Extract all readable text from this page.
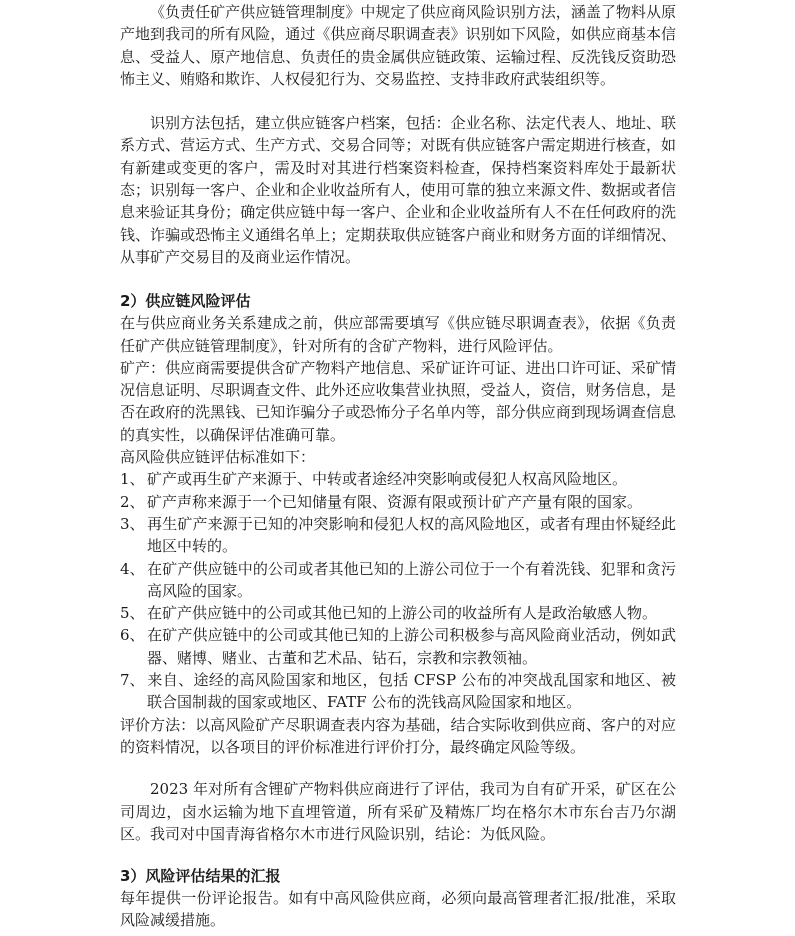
《负责任矿产供应链管理制度》中规定了供应商风险识别方法，涵盖了物料从原产地到我司的所有风险，通过《供应商尽职调查表》识别如下风险，如供应商基本信息、受益人、原产地信息、负责任的贵金属供应链政策、运输过程、反洗钱反资助恐怖主义、贿赂和欺诈、人权侵犯行为、交易监控、支持非政府武装组织等。

识别方法包括，建立供应链客户档案，包括：企业名称、法定代表人、地址、联系方式、营运方式、生产方式、交易合同等；对既有供应链客户需定期进行核查，如有新建或变更的客户，需及时对其进行档案资料检查，保持档案资料库处于最新状态；识别每一客户、企业和企业收益所有人，使用可靠的独立来源文件、数据或者信息来验证其身份；确定供应链中每一客户、企业和企业收益所有人不在任何政府的洗钱、诈骗或恐怖主义通缉名单上；定期获取供应链客户商业和财务方面的详细情况、从事矿产交易目的及商业运作情况。

2）供应链风险评估

在与供应商业务关系建成之前，供应部需要填写《供应链尽职调查表》，依据《负责任矿产供应链管理制度》，针对所有的含矿产物料，进行风险评估。

矿产：供应商需要提供含矿产物料产地信息、采矿证许可证、进出口许可证、采矿情况信息证明、尽职调查文件、此外还应收集营业执照，受益人，资信，财务信息，是否在政府的洗黑钱、已知诈骗分子或恐怖分子名单内等，部分供应商到现场调查信息的真实性，以确保评估准确可靠。

高风险供应链评估标准如下：

1、 矿产或再生矿产来源于、中转或者途经冲突影响或侵犯人权高风险地区。

2、 矿产声称来源于一个已知储量有限、资源有限或预计矿产产量有限的国家。

3、 再生矿产来源于已知的冲突影响和侵犯人权的高风险地区，或者有理由怀疑经此地区中转的。

4、 在矿产供应链中的公司或者其他已知的上游公司位于一个有着洗钱、犯罪和贪污高风险的国家。

5、 在矿产供应链中的公司或其他已知的上游公司的收益所有人是政治敏感人物。

6、 在矿产供应链中的公司或其他已知的上游公司积极参与高风险商业活动，例如武器、赌博、赌业、古董和艺术品、钻石，宗教和宗教领袖。

7、 来自、途经的高风险国家和地区，包括 CFSP 公布的冲突战乱国家和地区、被联合国制裁的国家或地区、FATF 公布的洗钱高风险国家和地区。

评价方法：以高风险矿产尽职调查表内容为基础，结合实际收到供应商、客户的对应的资料情况，以各项目的评价标准进行评价打分，最终确定风险等级。

2023 年对所有含锂矿产物料供应商进行了评估，我司为自有矿开采，矿区在公司周边，卤水运输为地下直埋管道，所有采矿及精炼厂均在格尔木市东台吉乃尔湖区。我司对中国青海省格尔木市进行风险识别，结论：为低风险。

3）风险评估结果的汇报

每年提供一份评论报告。如有中高风险供应商，必须向最高管理者汇报/批准，采取风险减缓措施。
